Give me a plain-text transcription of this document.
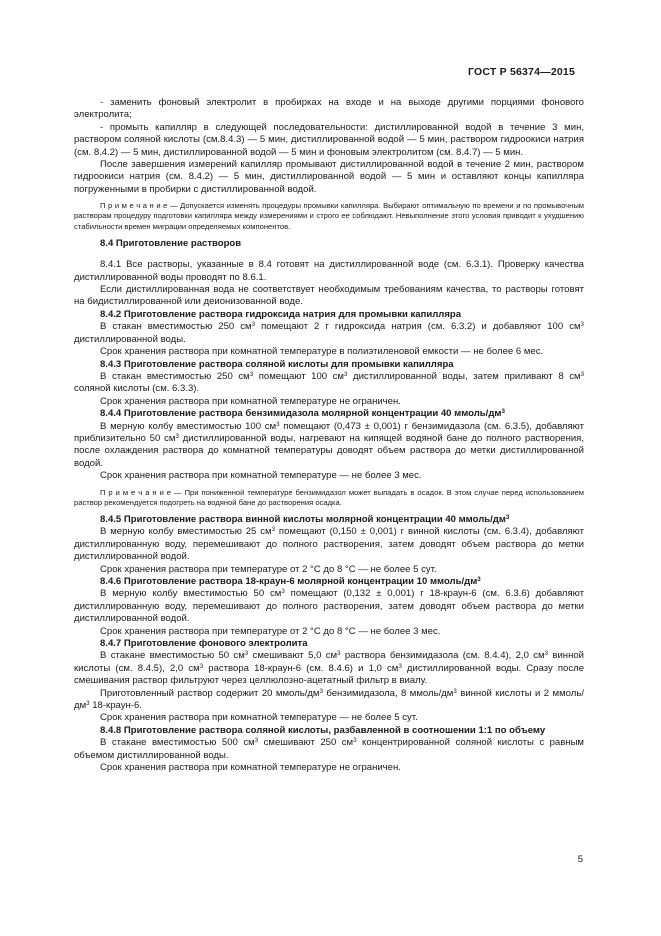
ГОСТ Р 56374—2015

- заменить фоновый электролит в пробирках на входе и на выходе другими порциями фонового электролита;

- промыть капилляр в следующей последовательности: дистиллированной водой в течение 3 мин, раствором соляной кислоты (см.8.4.3) — 5 мин, дистиллированной водой — 5 мин, раствором гидроокиси натрия (см. 8.4.2) — 5 мин, дистиллированной водой — 5 мин и фоновым электролитом (см. 8.4.7) — 5 мин.

После завершения измерений капилляр промывают дистиллированной водой в течение 2 мин, раствором гидроокиси натрия (см. 8.4.2) — 5 мин, дистиллированной водой — 5 мин и оставляют концы капилляра погруженными в пробирки с дистиллированной водой.

П р и м е ч а н и е — Допускается изменять процедуры промывки капилляра. Выбирают оптимальную по времени и по промывочным растворам процедуру подготовки капилляра между измерениями и строго ее соблюдают. Невыполнение этого условия приводит к ухудшению стабильности времен миграции определяемых компонентов.

8.4 Приготовление растворов

8.4.1 Все растворы, указанные в 8.4 готовят на дистиллированной воде (см. 6.3.1). Проверку качества дистиллированной воды проводят по 8.6.1.

Если дистиллированная вода не соответствует необходимым требованиям качества, то растворы готовят на бидистиллированной или деионизованной воде.

8.4.2 Приготовление раствора гидроксида натрия для промывки капилляра

В стакан вместимостью 250 $см^3$ помещают 2 г гидроксида натрия (см. 6.3.2) и добавляют 100 $см^3$ дистиллированной воды.

Срок хранения раствора при комнатной температуре в полиэтиленовой емкости — не более 6 мес.

8.4.3 Приготовление раствора соляной кислоты для промывки капилляра

В стакан вместимостью 250 $см^3$ помещают 100 $см^3$ дистиллированной воды, затем приливают 8 $см^3$ соляной кислоты (см. 6.3.3).

Срок хранения раствора при комнатной температуре не ограничен.

8.4.4 Приготовление раствора бензимидазола молярной концентрации 40 ммоль/$дм^3$

В мерную колбу вместимостью 100 $см^3$ помещают (0,473 ± 0,001) г бензимидазола (см. 6.3.5), добавляют приблизительно 50 $см^3$ дистиллированной воды, нагревают на кипящей водяной бане до полного растворения, после охлаждения раствора до комнатной температуры доводят объем раствора до метки дистиллированной водой.

Срок хранения раствора при комнатной температуре — не более 3 мес.

П р и м е ч а н и е — При пониженной температуре бензимидазол может выпадать в осадок. В этом случае перед использованием раствор рекомендуется подогреть на водяной бане до растворения осадка.

8.4.5 Приготовление раствора винной кислоты молярной концентрации 40 ммоль/$дм^3$

В мерную колбу вместимостью 25 $см^3$ помещают (0,150 ± 0,001) г винной кислоты (см. 6.3.4), добавляют дистиллированную воду, перемешивают до полного растворения, затем доводят объем раствора до метки дистиллированной водой.

Срок хранения раствора при температуре от 2 °С до 8 °С — не более 5 сут.

8.4.6 Приготовление раствора 18-краун-6 молярной концентрации 10 ммоль/$дм^3$

В мерную колбу вместимостью 50 $см^3$ помещают (0,132 ± 0,001) г 18-краун-6 (см. 6.3.6) добавляют дистиллированную воду, перемешивают до полного растворения, затем доводят объем раствора до метки дистиллированной водой.

Срок хранения раствора при температуре от 2 °С до 8 °С — не более 3 мес.

8.4.7 Приготовление фонового электролита

В стакане вместимостью 50 $см^3$ смешивают 5,0 $см^3$ раствора бензимидазола (см. 8.4.4), 2,0 $см^3$ винной кислоты (см. 8.4.5), 2,0 $см^3$ раствора 18-краун-6 (см. 8.4.6) и 1,0 $см^3$ дистиллированной воды. Сразу после смешивания раствор фильтруют через целлюлозно-ацетатный фильтр в виалу.

Приготовленный раствор содержит 20 ммоль/$дм^3$ бензимидазола, 8 ммоль/$дм^3$ винной кислоты и 2 ммоль/$дм^3$ 18-краун-6.

Срок хранения раствора при комнатной температуре — не более 5 сут.

8.4.8 Приготовление раствора соляной кислоты, разбавленной в соотношении 1:1 по объему

В стакане вместимостью 500 $см^3$ смешивают 250 $см^3$ концентрированной соляной кислоты с равным объемом дистиллированной воды.

Срок хранения раствора при комнатной температуре не ограничен.

5
